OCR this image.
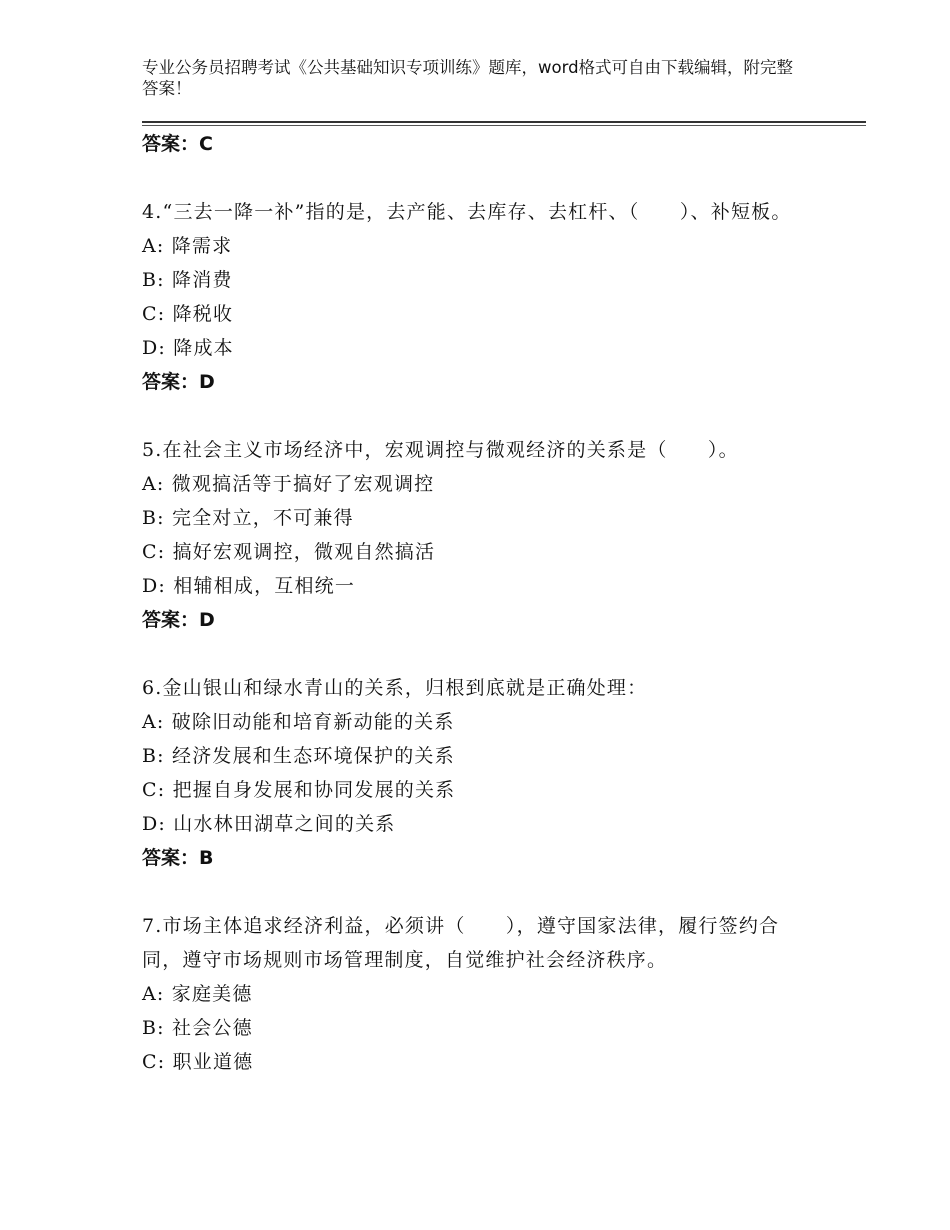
专业公务员招聘考试《公共基础知识专项训练》题库，word格式可自由下载编辑，附完整答案！
答案：C
4.“三去一降一补”指的是，去产能、去库存、去杠杆、（　　）、补短板。
A: 降需求
B: 降消费
C: 降税收
D: 降成本
答案：D
5.在社会主义市场经济中，宏观调控与微观经济的关系是（　　）。
A: 微观搞活等于搞好了宏观调控
B: 完全对立，不可兼得
C: 搞好宏观调控，微观自然搞活
D: 相辅相成，互相统一
答案：D
6.金山银山和绿水青山的关系，归根到底就是正确处理：
A: 破除旧动能和培育新动能的关系
B: 经济发展和生态环境保护的关系
C: 把握自身发展和协同发展的关系
D: 山水林田湖草之间的关系
答案：B
7.市场主体追求经济利益，必须讲（　　），遵守国家法律，履行签约合同，遵守市场规则市场管理制度，自觉维护社会经济秩序。
A: 家庭美德
B: 社会公德
C: 职业道德
